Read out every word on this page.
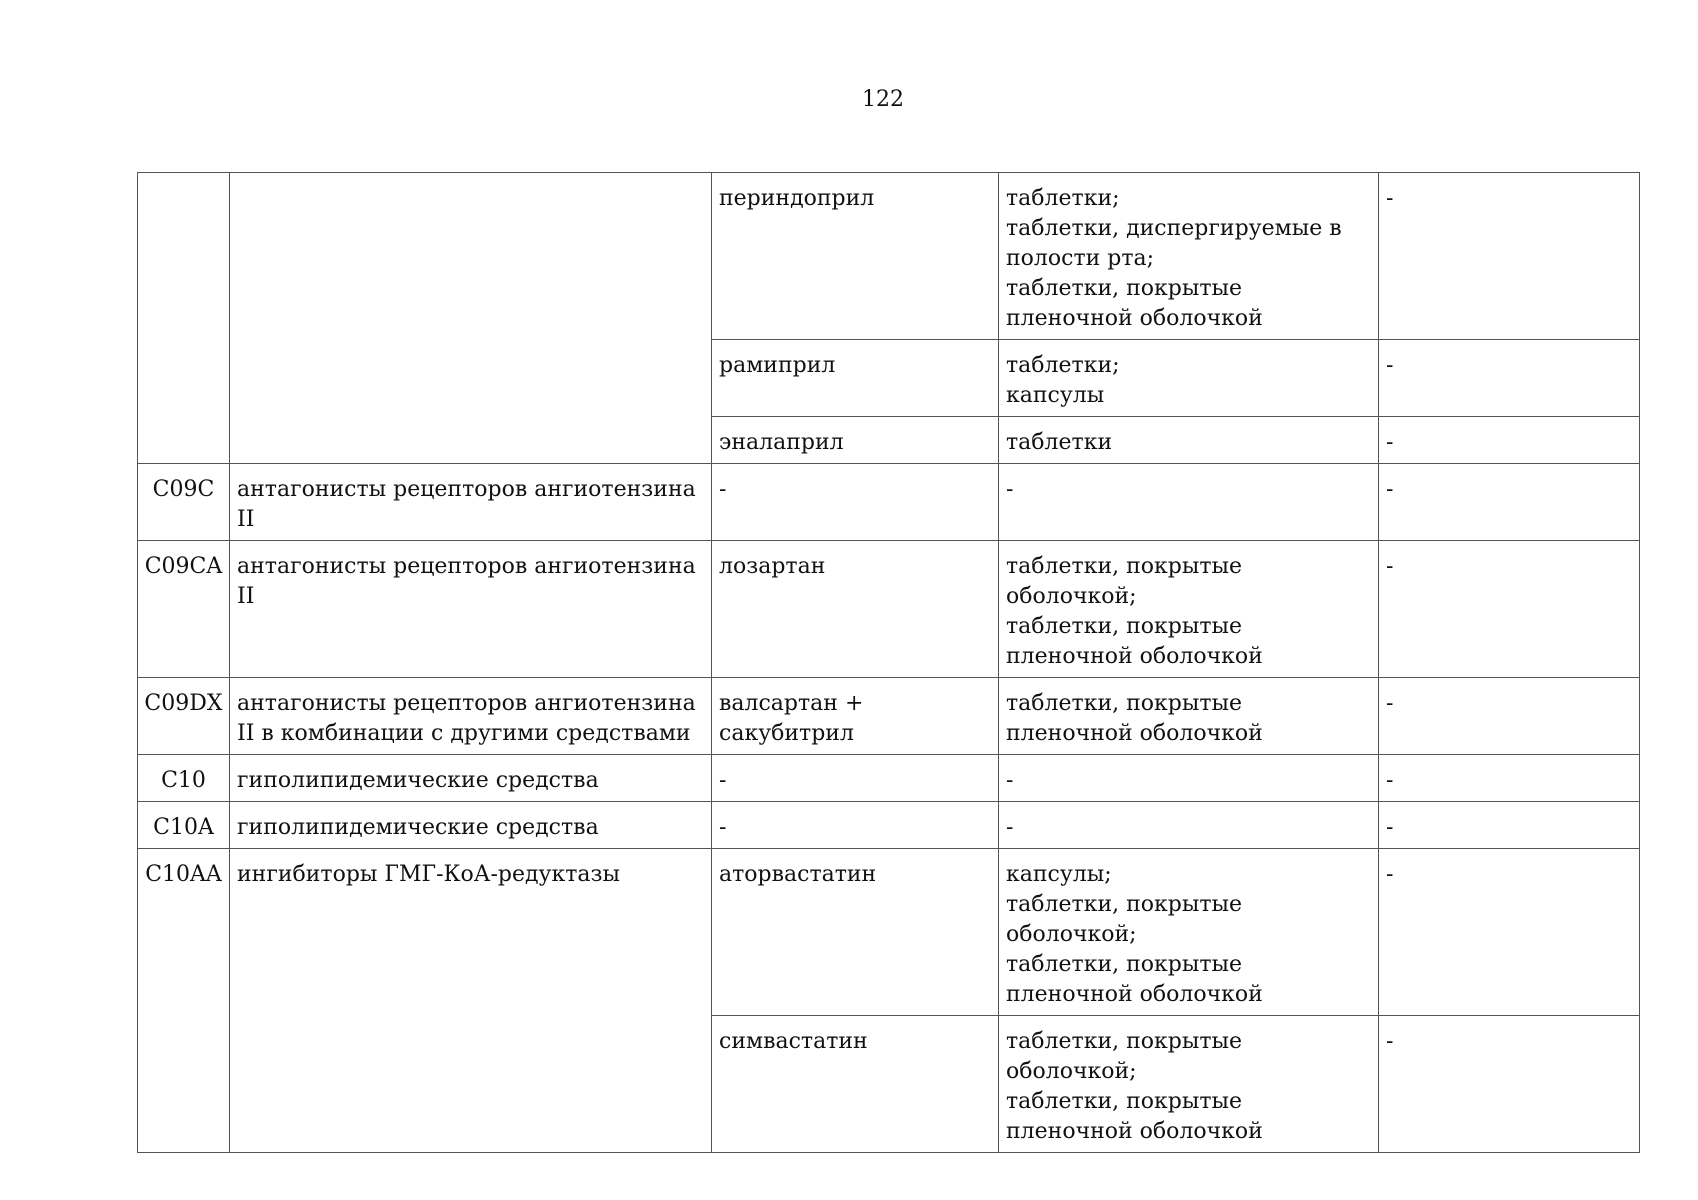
122
		периндоприл	таблетки;
таблетки, диспергируемые в полости рта;
таблетки, покрытые пленочной оболочкой	-
		рамиприл	таблетки;
капсулы	-
		эналаприл	таблетки	-
C09C	антагонисты рецепторов ангиотензина II	-	-	-
C09CA	антагонисты рецепторов ангиотензина II	лозартан	таблетки, покрытые оболочкой;
таблетки, покрытые пленочной оболочкой	-
C09DX	антагонисты рецепторов ангиотензина II в комбинации с другими средствами	валсартан + сакубитрил	таблетки, покрытые пленочной оболочкой	-
C10	гиполипидемические средства	-	-	-
C10A	гиполипидемические средства	-	-	-
C10AA	ингибиторы ГМГ-КоА-редуктазы	аторвастатин	капсулы;
таблетки, покрытые оболочкой;
таблетки, покрытые пленочной оболочкой	-
		симвастатин	таблетки, покрытые оболочкой;
таблетки, покрытые пленочной оболочкой	-
